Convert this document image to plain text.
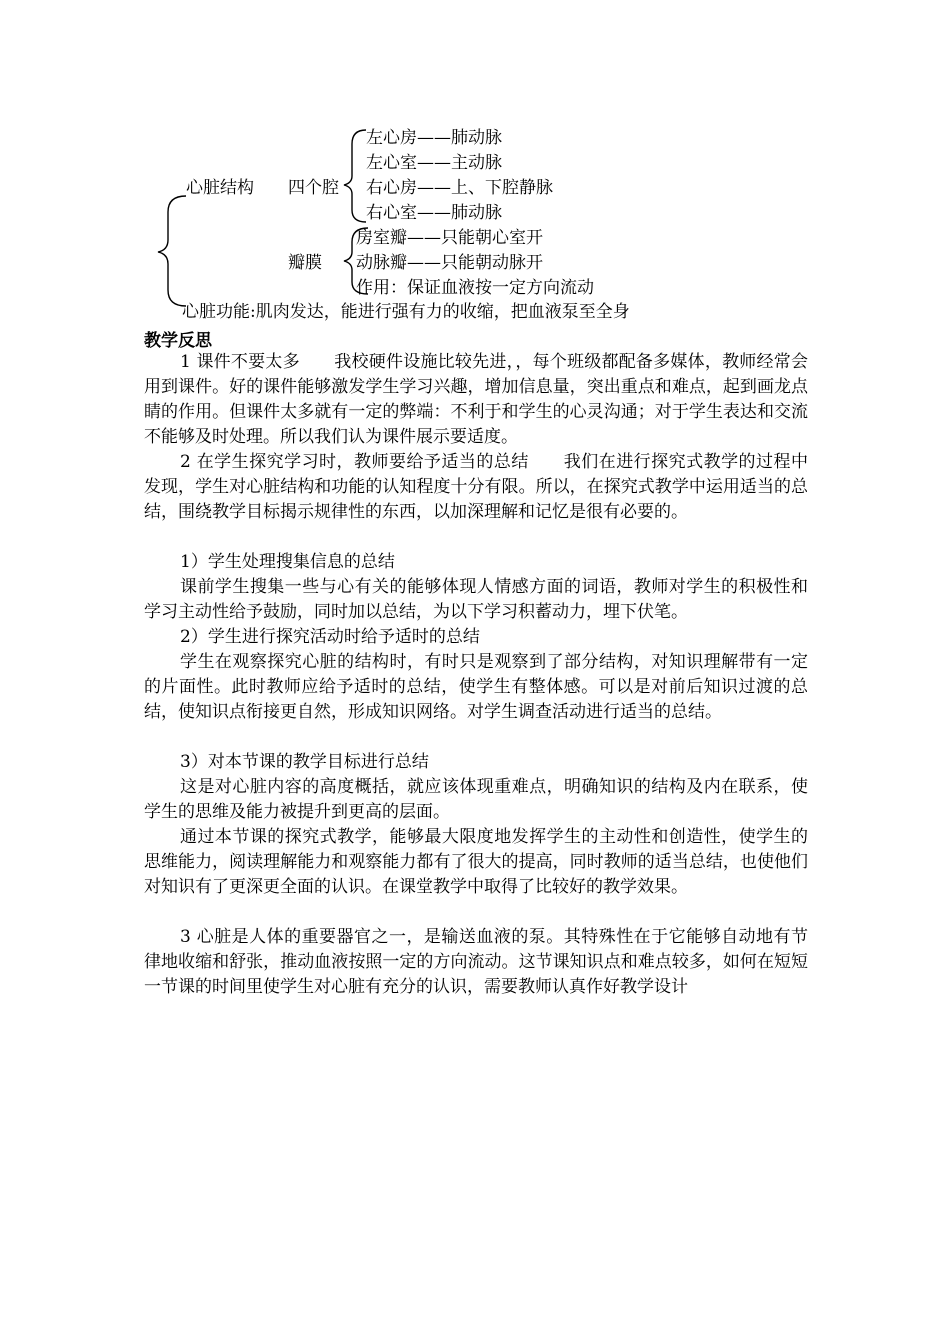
心脏结构 四个腔
左心房——肺动脉
左心室——主动脉
右心房——上、下腔静脉
右心室——肺动脉
瓣膜
房室瓣——只能朝心室开
动脉瓣——只能朝动脉开
作用：保证血液按一定方向流动
心脏功能:肌肉发达，能进行强有力的收缩，把血液泵至全身
教学反思
1 课件不要太多　　我校硬件设施比较先进，，每个班级都配备多媒体，教师经常会用到课件。好的课件能够激发学生学习兴趣，增加信息量，突出重点和难点，起到画龙点睛的作用。但课件太多就有一定的弊端：不利于和学生的心灵沟通；对于学生表达和交流不能够及时处理。所以我们认为课件展示要适度。
2 在学生探究学习时，教师要给予适当的总结　　我们在进行探究式教学的过程中发现，学生对心脏结构和功能的认知程度十分有限。所以，在探究式教学中运用适当的总结，围绕教学目标揭示规律性的东西，以加深理解和记忆是很有必要的。
1）学生处理搜集信息的总结
课前学生搜集一些与心有关的能够体现人情感方面的词语，教师对学生的积极性和学习主动性给予鼓励，同时加以总结，为以下学习积蓄动力，埋下伏笔。
2）学生进行探究活动时给予适时的总结
学生在观察探究心脏的结构时，有时只是观察到了部分结构，对知识理解带有一定的片面性。此时教师应给予适时的总结，使学生有整体感。可以是对前后知识过渡的总结，使知识点衔接更自然，形成知识网络。对学生调查活动进行适当的总结。
3）对本节课的教学目标进行总结
这是对心脏内容的高度概括，就应该体现重难点，明确知识的结构及内在联系，使学生的思维及能力被提升到更高的层面。
通过本节课的探究式教学，能够最大限度地发挥学生的主动性和创造性，使学生的思维能力，阅读理解能力和观察能力都有了很大的提高，同时教师的适当总结，也使他们对知识有了更深更全面的认识。在课堂教学中取得了比较好的教学效果。
3 心脏是人体的重要器官之一，是输送血液的泵。其特殊性在于它能够自动地有节律地收缩和舒张，推动血液按照一定的方向流动。这节课知识点和难点较多，如何在短短一节课的时间里使学生对心脏有充分的认识，需要教师认真作好教学设计
